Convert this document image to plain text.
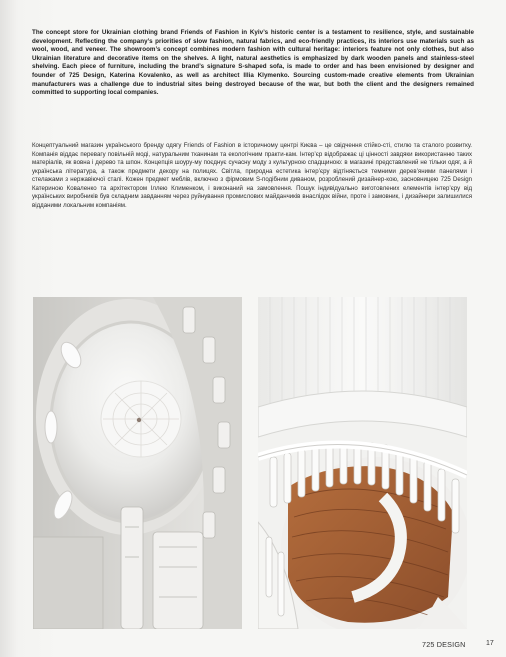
The concept store for Ukrainian clothing brand Friends of Fashion in Kyiv’s historic center is a testament to resilience, style, and sustainable development. Reflecting the company’s priorities of slow fashion, natural fabrics, and eco-friendly practices, its interiors use materials such as wool, wood, and veneer. The showroom’s concept combines modern fashion with cultural heritage: interiors feature not only clothes, but also Ukrainian literature and decorative items on the shelves. A light, natural aesthetics is emphasized by dark wooden panels and stainless-steel shelving. Each piece of furniture, including the brand’s signature S-shaped sofa, is made to order and has been envisioned by designer and founder of 725 Design, Katerina Kovalenko, as well as architect Illia Klymenko. Sourcing custom-made creative elements from Ukrainian manufacturers was a challenge due to industrial sites being destroyed because of the war, but both the client and the designers remained committed to supporting local companies.

Концептуальний магазин українського бренду одягу Friends of Fashion в історичному центрі Києва – це свідчення стійко-сті, стилю та сталого розвитку. Компанія віддає перевагу повільній моді, натуральним тканинам та екологічним практи-кам. Інтер’єр відображає ці цінності завдяки використанню таких матеріалів, як вовна і дерево та шпон. Концепція шоуру-му поєднує сучасну моду з культурною спадщиною: в магазині представлений не тільки одяг, а й українська література, а також предмети декору на полицях. Світла, природна естетика інтер’єру відтіняється темними дерев’яними панелями і стелажами з нержавіючої сталі. Кожен предмет меблів, включно з фірмовим S-подібним диваном, розроблений дизайнер-кою, засновницею 725 Design Катериною Коваленко та архітектором Іллею Клименком, і виконаний на замовлення. Пошук індивідуально виготовлених елементів інтер’єру від українських виробників був складним завданням через руйнування промислових майданчиків внаслідок війни, проте і замовник, і дизайнери залишилися відданими локальним компаніям.

725 DESIGN	17
